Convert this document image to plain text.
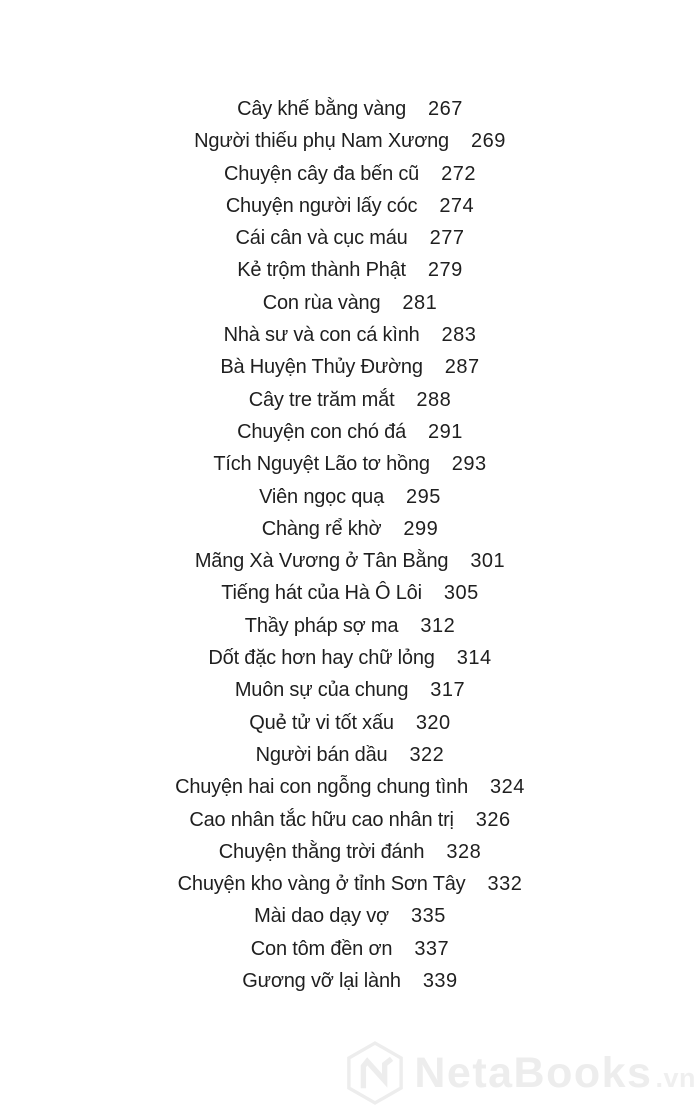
Cây khế bằng vàng 267
Người thiếu phụ Nam Xương 269
Chuyện cây đa bến cũ 272
Chuyện người lấy cóc 274
Cái cân và cục máu 277
Kẻ trộm thành Phật 279
Con rùa vàng 281
Nhà sư và con cá kình 283
Bà Huyện Thủy Đường 287
Cây tre trăm mắt 288
Chuyện con chó đá 291
Tích Nguyệt Lão tơ hồng 293
Viên ngọc quạ 295
Chàng rể khờ 299
Mãng Xà Vương ở Tân Bằng 301
Tiếng hát của Hà Ô Lôi 305
Thầy pháp sợ ma 312
Dốt đặc hơn hay chữ lỏng 314
Muôn sự của chung 317
Quẻ tử vi tốt xấu 320
Người bán dầu 322
Chuyện hai con ngỗng chung tình 324
Cao nhân tắc hữu cao nhân trị 326
Chuyện thằng trời đánh 328
Chuyện kho vàng ở tỉnh Sơn Tây 332
Mài dao dạy vợ 335
Con tôm đền ơn 337
Gương vỡ lại lành 339
NetaBooks .vn
